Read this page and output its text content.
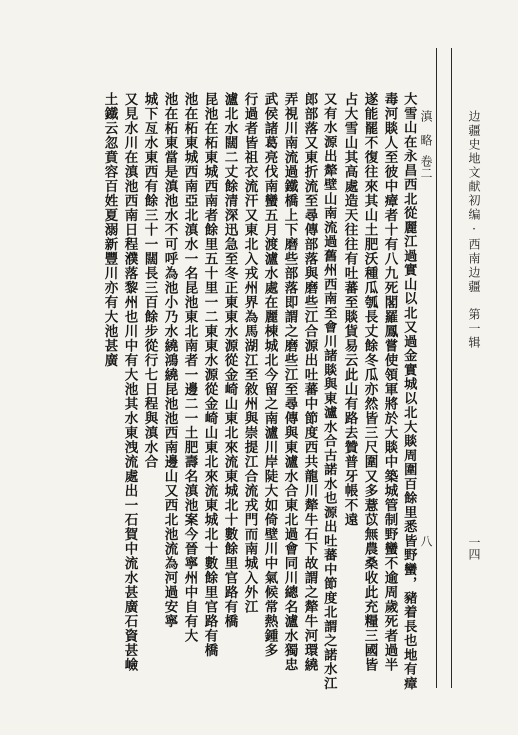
边疆史地文献初编·西南边疆　第一辑
一四
滇　略
卷二
八
大雪山在永昌西北從麗江過實山以北又過金實城以北大賧周圍百餘里悉皆野蠻，豬着長也地有瘴
毒河賧人至彼中瘴者十有八九死閣羅鳳嘗使領軍將於大賧中築城管制野蠻不逾周歲死者過半
遂能罷不復往來其山土肥沃種瓜瓠長丈餘冬瓜亦然皆三尺圍又多薏苡無農桑收此充糧三國皆
占大雪山其高處造天往往有吐蕃至賧貨易云此山有路去贊普牙帳不遠
又有水源出犛壁山南流過舊州西南至會川諸賧與東瀘水合古諾水也源出吐蕃中節度北謂之諾水江
郎部落又東折流至尋傳部落與磨些江合源出吐蕃中節度西共龍川犛牛石下故謂之犛牛河環繞
弄視川南流過鐵橋上下磨些部落即謂之磨些江至尋傳與東瀘水合東北過會同川總名瀘水獨忠
武侯諸葛亮伐南蠻五月渡瀘水處在麗棟城北今留之南瀘川岸陡大如倚壁川中氣候常熱鍾多
行過者皆祖衣流汗又東北入戎州界為馬湖江至敘州與崇提江合流戎門而南城入外江
瀘北水闊二丈餘清深迅急至冬正東東水源從金崎山東北來流東城北十數餘里官路有橋
昆池在柘東城西南者餘里五十里一二東東水源從金崎山東北來流東城北十數餘里官路有橋
池在柘東城西南亞北滇水一名昆池東北南者一邊二一土肥壽名滇池案今晉寧州中自有大
池在柘東當是滇池水不可呼為池小乃水繞鴻繞昆池池西南邊山又西北池流為河過安寧
城下亙水東西有餘三十一闊長三百餘步從行七日程與滇水合
又見水川在滇池西南日程濮落黎州也川中有大池其水東洩流處出一石賀中流水甚廣石資甚嶮
土鐵云忽賁容百姓夏溺新豐川亦有大池甚廣
